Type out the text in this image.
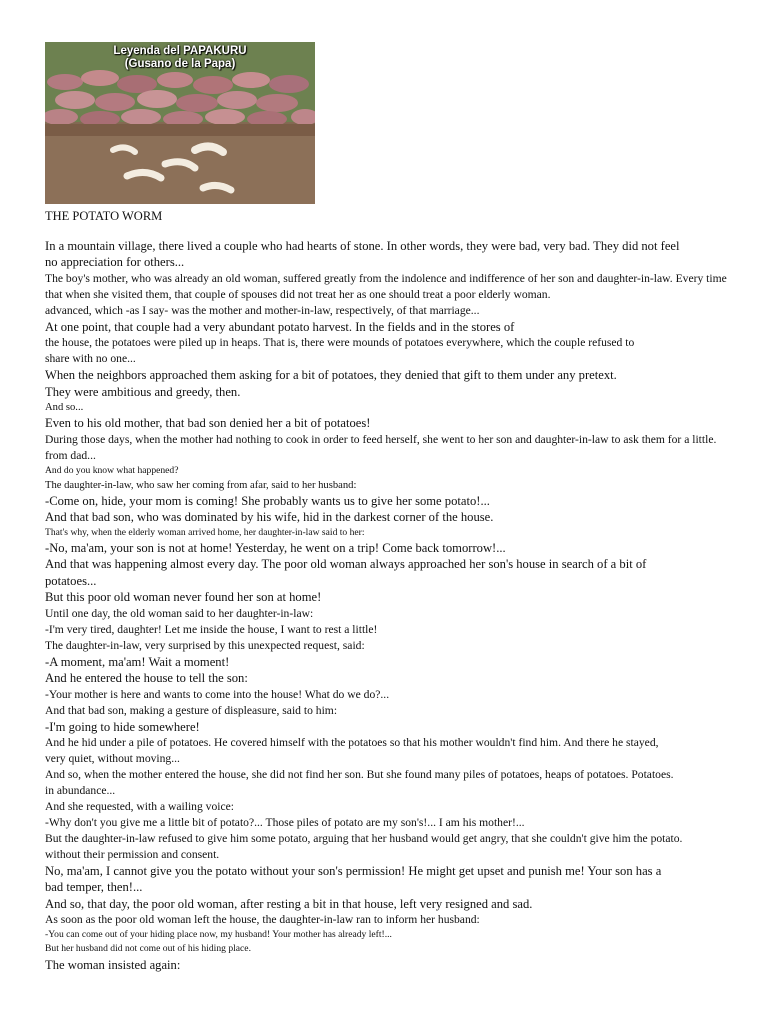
Leyenda del PAPAKURU
(Gusano de la Papa)
THE POTATO WORM

In a mountain village, there lived a couple who had hearts of stone. In other words, they were bad, very bad. They did not feel

no appreciation for others...

The boy's mother, who was already an old woman, suffered greatly from the indolence and indifference of her son and daughter-in-law. Every time

that when she visited them, that couple of spouses did not treat her as one should treat a poor elderly woman.

advanced, which -as I say- was the mother and mother-in-law, respectively, of that marriage...

At one point, that couple had a very abundant potato harvest. In the fields and in the stores of

the house, the potatoes were piled up in heaps. That is, there were mounds of potatoes everywhere, which the couple refused to

share with no one...

When the neighbors approached them asking for a bit of potatoes, they denied that gift to them under any pretext.

They were ambitious and greedy, then.

And so...

Even to his old mother, that bad son denied her a bit of potatoes!

During those days, when the mother had nothing to cook in order to feed herself, she went to her son and daughter-in-law to ask them for a little.

from dad...

And do you know what happened?

The daughter-in-law, who saw her coming from afar, said to her husband:

-Come on, hide, your mom is coming! She probably wants us to give her some potato!...

And that bad son, who was dominated by his wife, hid in the darkest corner of the house.

That's why, when the elderly woman arrived home, her daughter-in-law said to her:

-No, ma'am, your son is not at home! Yesterday, he went on a trip! Come back tomorrow!...

And that was happening almost every day. The poor old woman always approached her son's house in search of a bit of

potatoes...

But this poor old woman never found her son at home!

Until one day, the old woman said to her daughter-in-law:

-I'm very tired, daughter! Let me inside the house, I want to rest a little!

The daughter-in-law, very surprised by this unexpected request, said:

-A moment, ma'am! Wait a moment!

And he entered the house to tell the son:

-Your mother is here and wants to come into the house! What do we do?...

And that bad son, making a gesture of displeasure, said to him:

-I'm going to hide somewhere!

And he hid under a pile of potatoes. He covered himself with the potatoes so that his mother wouldn't find him. And there he stayed,

very quiet, without moving...

And so, when the mother entered the house, she did not find her son. But she found many piles of potatoes, heaps of potatoes. Potatoes.

in abundance...

And she requested, with a wailing voice:

-Why don't you give me a little bit of potato?... Those piles of potato are my son's!... I am his mother!...

But the daughter-in-law refused to give him some potato, arguing that her husband would get angry, that she couldn't give him the potato.

without their permission and consent.

No, ma'am, I cannot give you the potato without your son's permission! He might get upset and punish me! Your son has a

bad temper, then!...

And so, that day, the poor old woman, after resting a bit in that house, left very resigned and sad.

As soon as the poor old woman left the house, the daughter-in-law ran to inform her husband:

-You can come out of your hiding place now, my husband! Your mother has already left!...

But her husband did not come out of his hiding place.

The woman insisted again:
